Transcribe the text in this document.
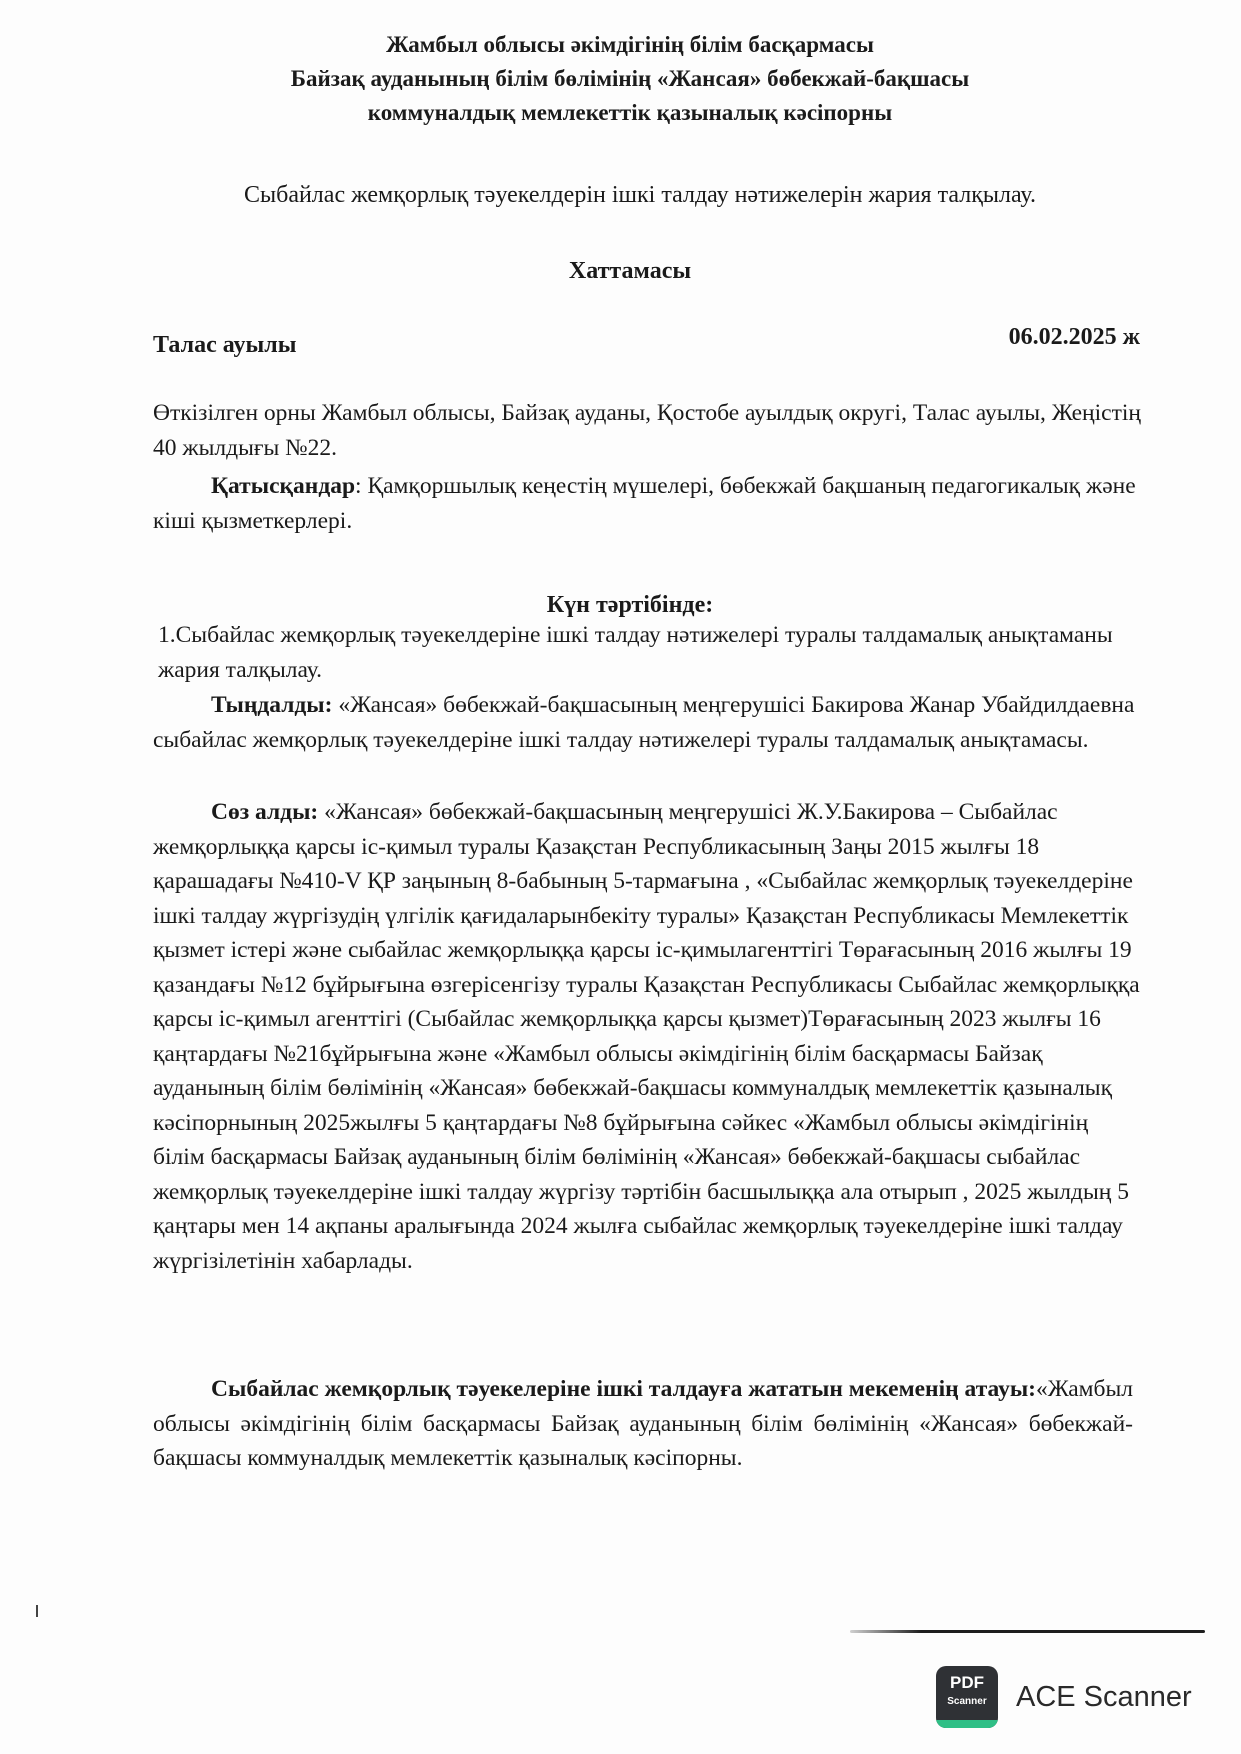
Жамбыл облысы әкімдігінің білім басқармасы
Байзақ ауданының білім бөлімінің «Жансая» бөбекжай-бақшасы
коммуналдық мемлекеттік қазыналық кәсіпорны
Сыбайлас жемқорлық тәуекелдерін ішкі талдау нәтижелерін жария талқылау.
Хаттамасы
Талас ауылы	06.02.2025 ж
Өткізілген орны Жамбыл облысы, Байзақ ауданы, Қостобе ауылдық округі, Талас ауылы, Жеңістің 40 жылдығы №22.
Қатысқандар: Қамқоршылық кеңестің мүшелері, бөбекжай бақшаның педагогикалық және кіші қызметкерлері.
Күн тәртібінде:
1.Сыбайлас жемқорлық тәуекелдеріне ішкі талдау нәтижелері туралы талдамалық анықтаманы жария талқылау.
Тыңдалды: «Жансая» бөбекжай-бақшасының меңгерушісі Бакирова Жанар Убайдилдаевна сыбайлас жемқорлық тәуекелдеріне ішкі талдау нәтижелері туралы талдамалық анықтамасы.
Сөз алды: «Жансая» бөбекжай-бақшасының меңгерушісі Ж.У.Бакирова – Сыбайлас жемқорлыққа қарсы іс-қимыл туралы Қазақстан Республикасының Заңы 2015 жылғы 18 қарашадағы №410-V ҚР заңының 8-бабының 5-тармағына , «Сыбайлас жемқорлық тәуекелдеріне ішкі талдау жүргізудің үлгілік қағидаларынбекіту туралы» Қазақстан Республикасы Мемлекеттік қызмет істері және сыбайлас жемқорлыққа қарсы іс-қимылагенттігі Төрағасының 2016 жылғы 19 қазандағы №12 бұйрығына өзгерісенгізу туралы Қазақстан Республикасы Сыбайлас жемқорлыққа қарсы іс-қимыл агенттігі (Сыбайлас жемқорлыққа қарсы қызмет)Төрағасының 2023 жылғы 16 қаңтардағы №21бұйрығына және «Жамбыл облысы әкімдігінің білім басқармасы Байзақ ауданының білім бөлімінің «Жансая» бөбекжай-бақшасы коммуналдық мемлекеттік қазыналық кәсіпорнының 2025жылғы 5 қаңтардағы №8 бұйрығына сәйкес «Жамбыл облысы әкімдігінің білім басқармасы Байзақ ауданының білім бөлімінің «Жансая» бөбекжай-бақшасы сыбайлас жемқорлық тәуекелдеріне ішкі талдау жүргізу тәртібін басшылыққа ала отырып , 2025 жылдың 5 қаңтары мен 14 ақпаны аралығында 2024 жылға сыбайлас жемқорлық тәуекелдеріне ішкі талдау жүргізілетінін хабарлады.
Сыбайлас жемқорлық тәуекелеріне ішкі талдауға жататын мекеменің атауы:«Жамбыл облысы әкімдігінің білім басқармасы Байзақ ауданының білім бөлімінің «Жансая» бөбекжай-бақшасы коммуналдық мемлекеттік қазыналық кәсіпорны.
PDF
Scanner	ACE Scanner
